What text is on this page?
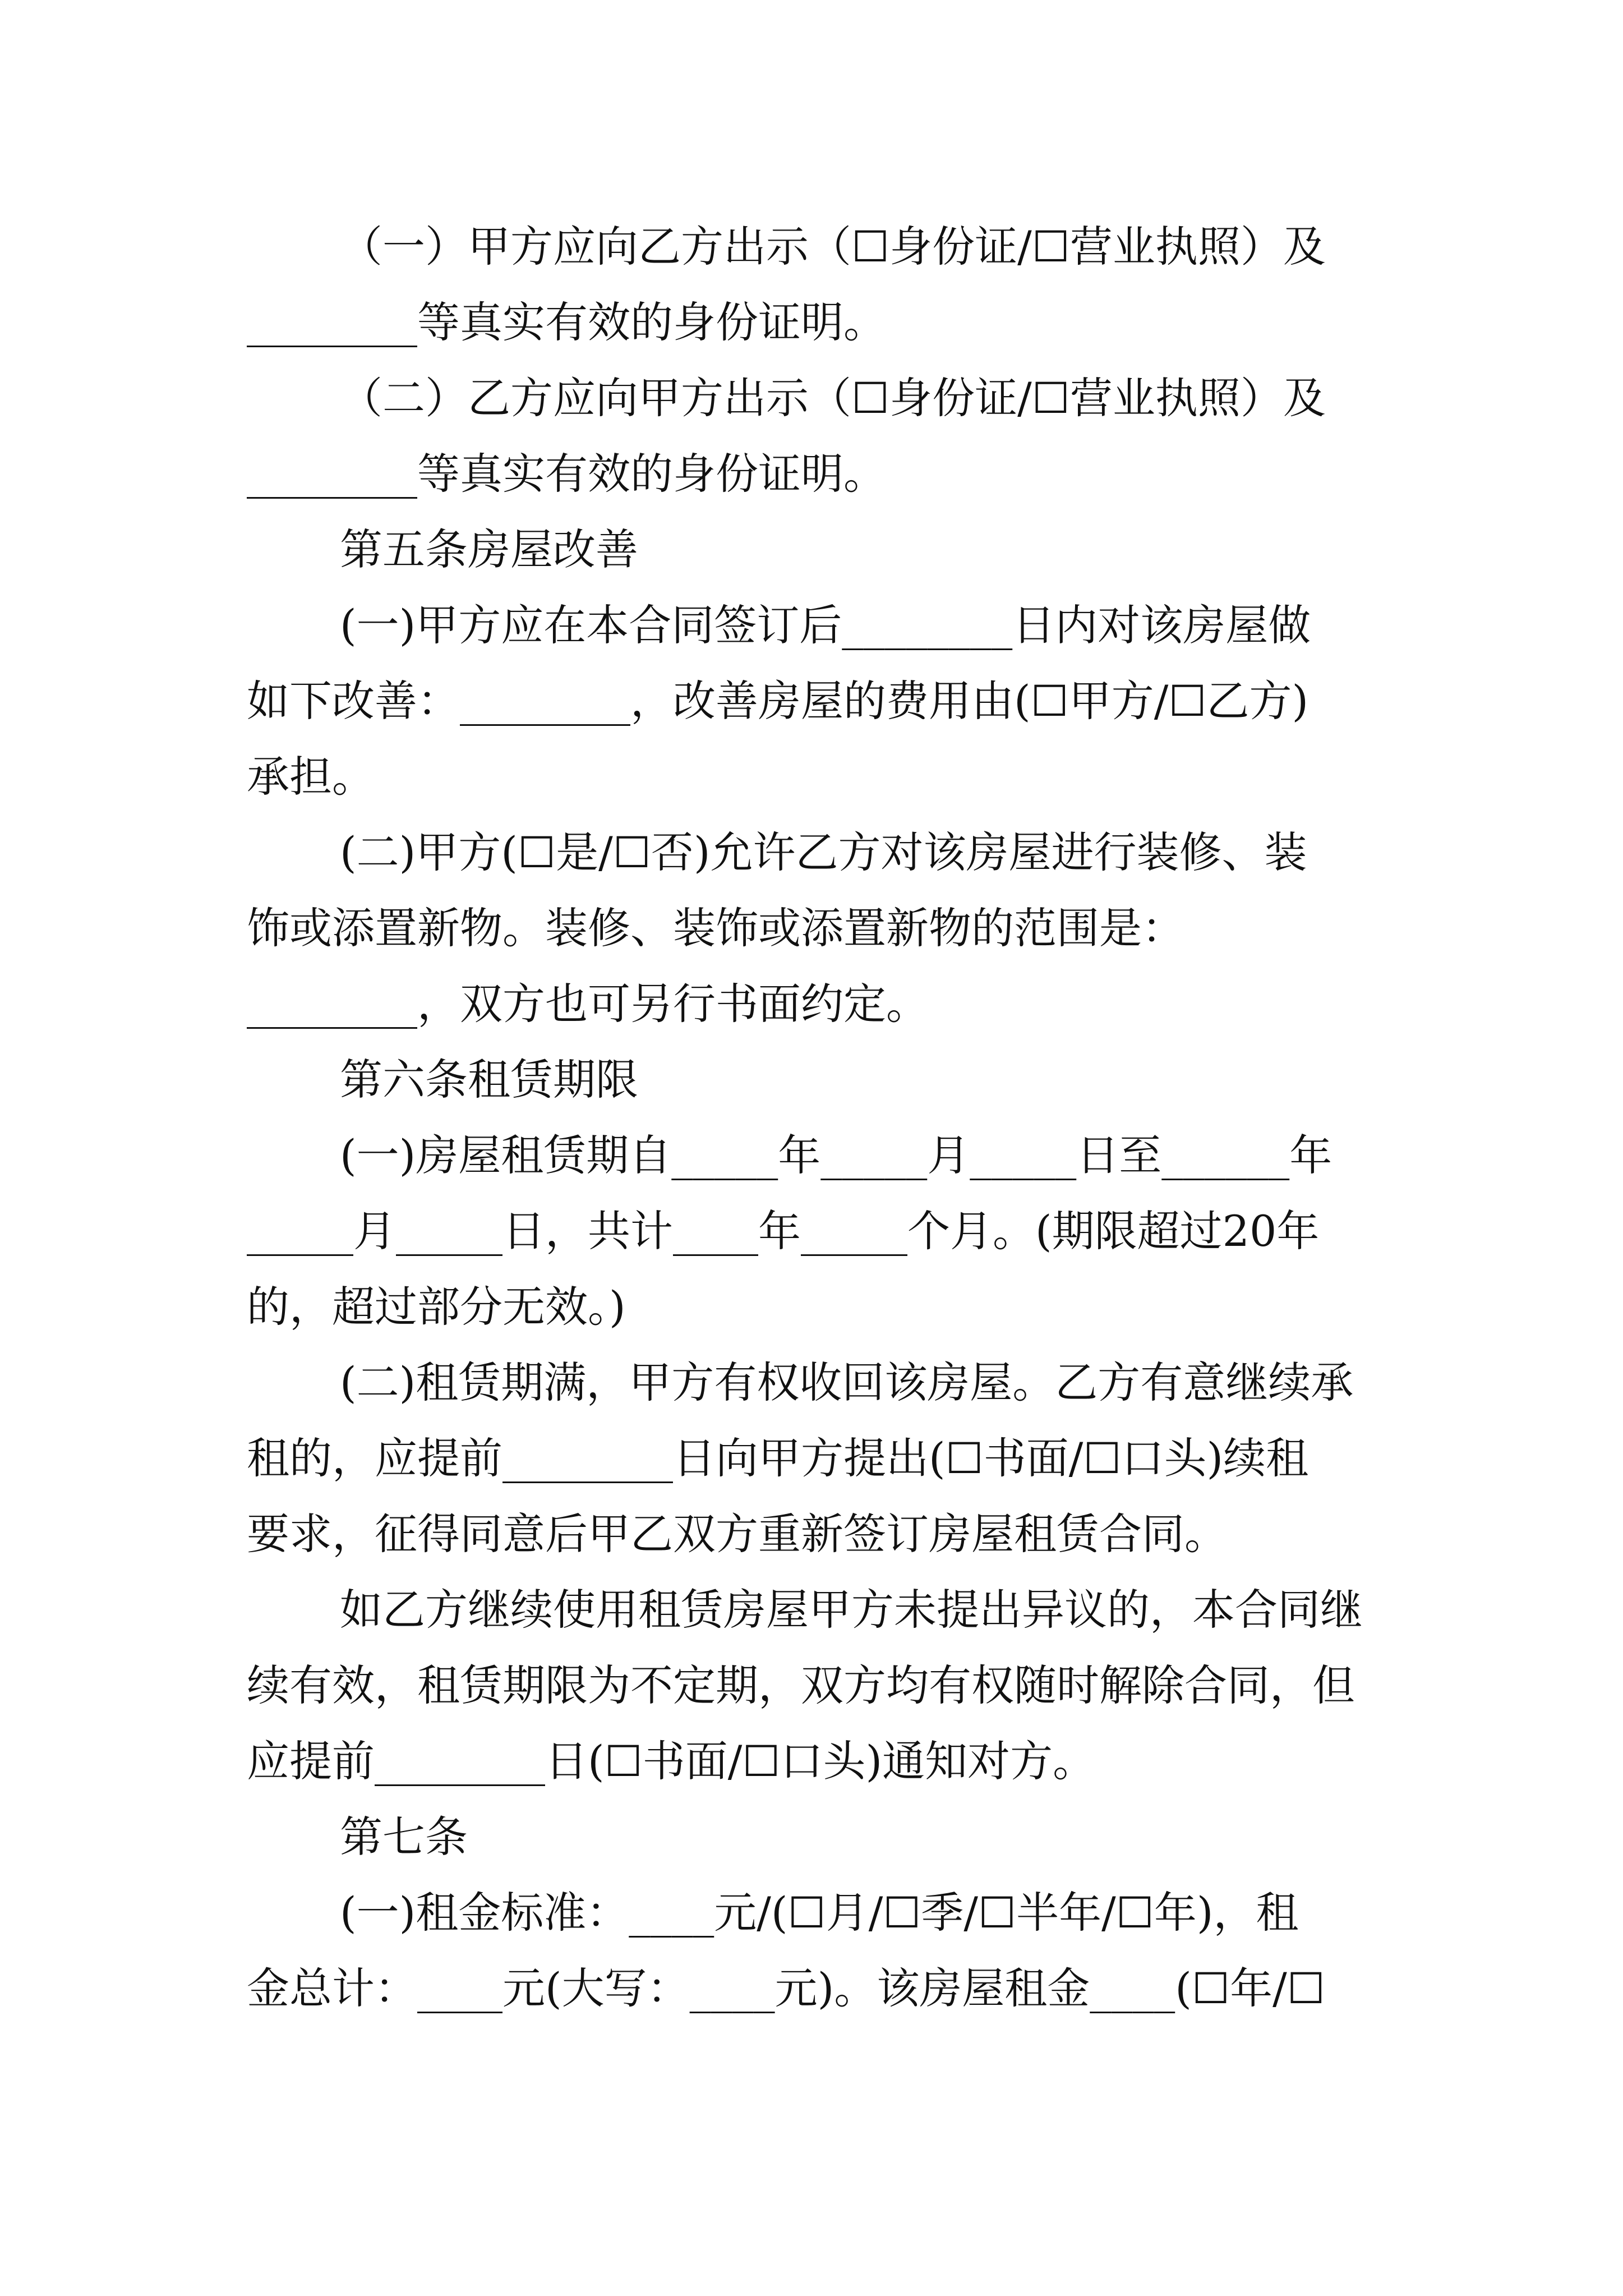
（一）甲方应向乙方出示（☐身份证/☐营业执照）及
________等真实有效的身份证明。
（二）乙方应向甲方出示（☐身份证/☐营业执照）及
________等真实有效的身份证明。
第五条房屋改善
(一)甲方应在本合同签订后________日内对该房屋做
如下改善：________，改善房屋的费用由(☐甲方/☐乙方)
承担。
(二)甲方(☐是/☐否)允许乙方对该房屋进行装修、装
饰或添置新物。装修、装饰或添置新物的范围是：
________，双方也可另行书面约定。
第六条租赁期限
(一)房屋租赁期自_____年_____月_____日至______年
_____月_____日，共计____年_____个月。(期限超过20年
的，超过部分无效。)
(二)租赁期满，甲方有权收回该房屋。乙方有意继续承
租的，应提前________日向甲方提出(☐书面/☐口头)续租
要求，征得同意后甲乙双方重新签订房屋租赁合同。
如乙方继续使用租赁房屋甲方未提出异议的，本合同继
续有效，租赁期限为不定期，双方均有权随时解除合同，但
应提前________日(☐书面/☐口头)通知对方。
第七条
(一)租金标准：____元/(☐月/☐季/☐半年/☐年)，租
金总计：____元(大写：____元)。该房屋租金____(☐年/☐
